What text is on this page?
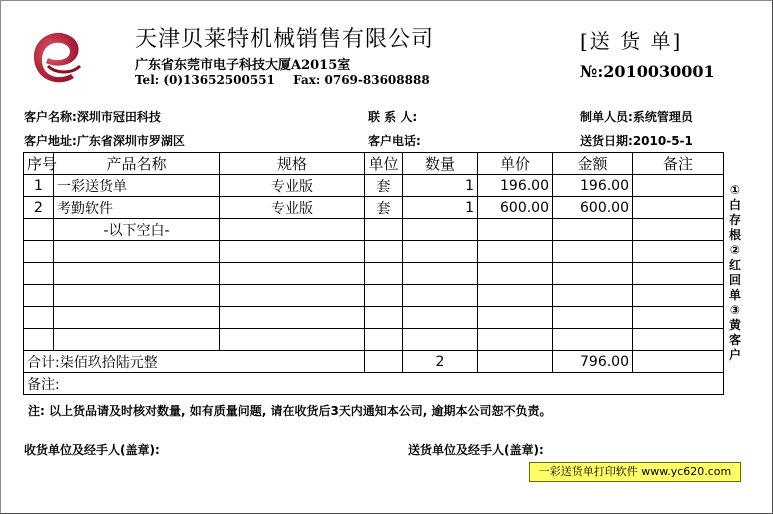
天津贝莱特机械销售有限公司
广东省东莞市电子科技大厦A2015室
Tel: (0)13652500551 Fax: 0769-83608888
[送 货 单]
№:2010030001
客户名称:深圳市冠田科技	联 系 人:	制单人员:系统管理员
客户地址:广东省深圳市罗湖区	客户电话:	送货日期:2010-5-1
序号	产品名称	规格	单位	数量	单价	金额	备注
1	一彩送货单	专业版	套	1	196.00	196.00	
2	考勤软件	专业版	套	1	600.00	600.00	
	-以下空白-						

合计:柒佰玖拾陆元整				2		796.00	
备注:							
①白存根②红回单③黄客户
注: 以上货品请及时核对数量, 如有质量问题, 请在收货后3天内通知本公司, 逾期本公司恕不负责。
收货单位及经手人(盖章):	送货单位及经手人(盖章):
一彩送货单打印软件 www.yc620.com
